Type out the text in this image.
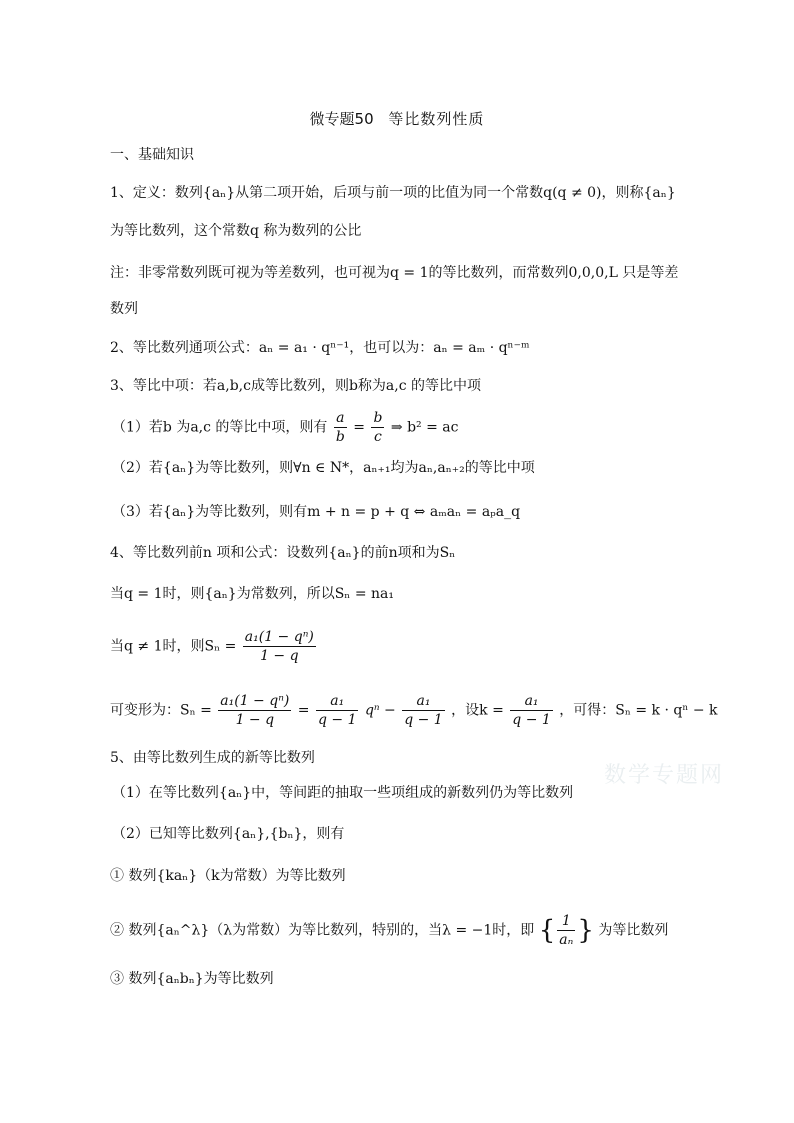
微专题50 等比数列性质
一、基础知识
1、定义：数列{aₙ}从第二项开始，后项与前一项的比值为同一个常数q(q ≠ 0)，则称{aₙ}
为等比数列，这个常数q 称为数列的公比
注：非零常数列既可视为等差数列，也可视为q = 1的等比数列，而常数列0,0,0,L 只是等差
数列
2、等比数列通项公式：aₙ = a₁ · qⁿ⁻¹，也可以为：aₙ = aₘ · qⁿ⁻ᵐ
3、等比中项：若a,b,c成等比数列，则b称为a,c 的等比中项
（1）若b 为a,c 的等比中项，则有 $\frac{a}{b} = \frac{b}{c}$ ⇒ b² = ac
（2）若{aₙ}为等比数列，则∀n ∈ N*，aₙ₊₁均为aₙ,aₙ₊₂的等比中项
（3）若{aₙ}为等比数列，则有m + n = p + q ⇔ aₘaₙ = aₚa_q
4、等比数列前n 项和公式：设数列{aₙ}的前n项和为Sₙ
当q = 1时，则{aₙ}为常数列，所以Sₙ = na₁
当q ≠ 1时，则$S_n = \frac{\text{a₁(1 − qⁿ)}}{1 - q}$
可变形为：$S_n = \frac{\text{a₁(1 − qⁿ)}}{1 - q} = \frac{\text{a₁}}{q - 1}$ $q^n - \frac{\text{a₁}}{q - 1}$ ，设$k = \frac{\text{a₁}}{q - 1}$ ，可得：Sₙ = k · qⁿ − k
5、由等比数列生成的新等比数列
数学专题网
（1）在等比数列{aₙ}中，等间距的抽取一些项组成的新数列仍为等比数列
（2）已知等比数列{aₙ},{bₙ}，则有
① 数列{kaₙ}（k为常数）为等比数列
② 数列{aₙ^λ}（λ为常数）为等比数列，特别的，当λ = −1时，即 { $\frac{1}{\text{aₙ}}$ } 为等比数列
③ 数列{aₙbₙ}为等比数列
